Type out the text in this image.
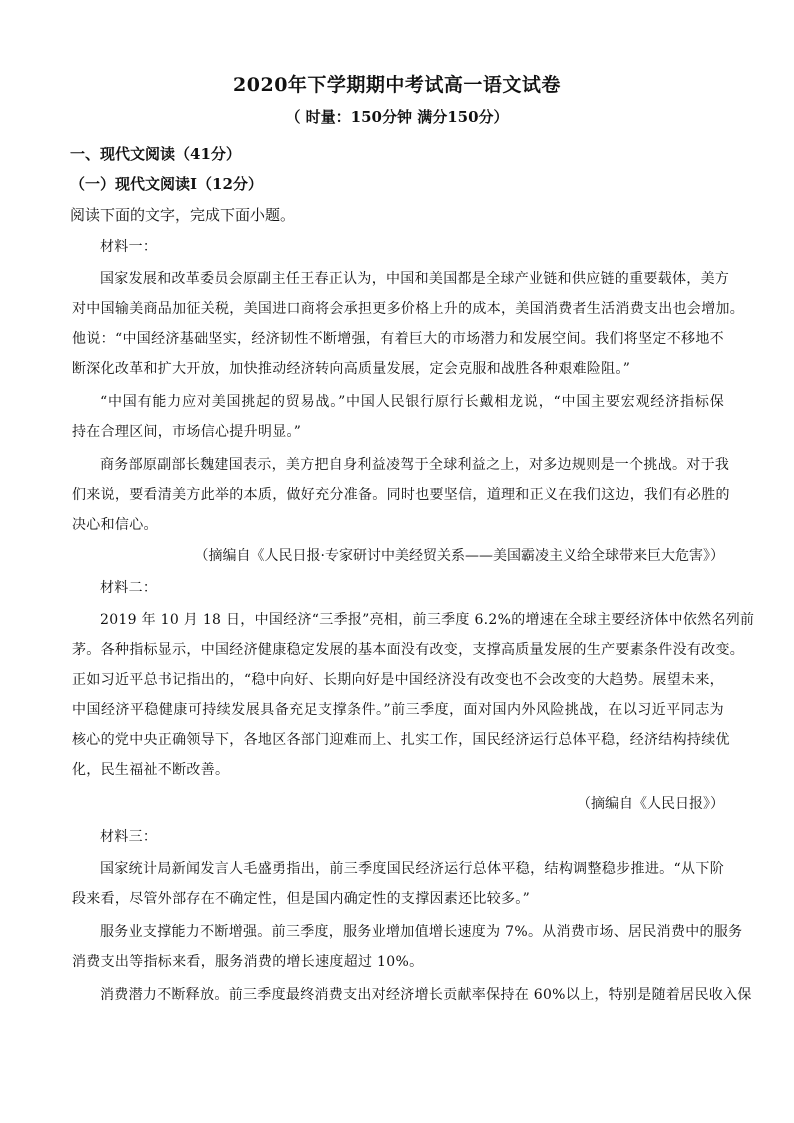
2020年下学期期中考试高一语文试卷
（ 时量：150分钟 满分150分）
一、现代文阅读（41分）
（一）现代文阅读Ⅰ（12分）
阅读下面的文字，完成下面小题。
材料一：
国家发展和改革委员会原副主任王春正认为，中国和美国都是全球产业链和供应链的重要载体，美方
对中国输美商品加征关税，美国进口商将会承担更多价格上升的成本，美国消费者生活消费支出也会增加。
他说：“中国经济基础坚实，经济韧性不断增强，有着巨大的市场潜力和发展空间。我们将坚定不移地不
断深化改革和扩大开放，加快推动经济转向高质量发展，定会克服和战胜各种艰难险阻。”
“中国有能力应对美国挑起的贸易战。”中国人民银行原行长戴相龙说，“中国主要宏观经济指标保
持在合理区间，市场信心提升明显。”
商务部原副部长魏建国表示，美方把自身利益凌驾于全球利益之上，对多边规则是一个挑战。对于我
们来说，要看清美方此举的本质，做好充分准备。同时也要坚信，道理和正义在我们这边，我们有必胜的
决心和信心。
（摘编自《人民日报·专家研讨中美经贸关系——美国霸凌主义给全球带来巨大危害》）
材料二：
2019 年 10 月 18 日，中国经济“三季报”亮相，前三季度 6.2%的增速在全球主要经济体中依然名列前
茅。各种指标显示，中国经济健康稳定发展的基本面没有改变，支撑高质量发展的生产要素条件没有改变。
正如习近平总书记指出的，“稳中向好、长期向好是中国经济没有改变也不会改变的大趋势。展望未来，
中国经济平稳健康可持续发展具备充足支撑条件。”前三季度，面对国内外风险挑战，在以习近平同志为
核心的党中央正确领导下，各地区各部门迎难而上、扎实工作，国民经济运行总体平稳，经济结构持续优
化，民生福祉不断改善。
（摘编自《人民日报》）
材料三：
国家统计局新闻发言人毛盛勇指出，前三季度国民经济运行总体平稳，结构调整稳步推进。“从下阶
段来看，尽管外部存在不确定性，但是国内确定性的支撑因素还比较多。”
服务业支撑能力不断增强。前三季度，服务业增加值增长速度为 7%。从消费市场、居民消费中的服务
消费支出等指标来看，服务消费的增长速度超过 10%。
消费潜力不断释放。前三季度最终消费支出对经济增长贡献率保持在 60%以上，特别是随着居民收入保
